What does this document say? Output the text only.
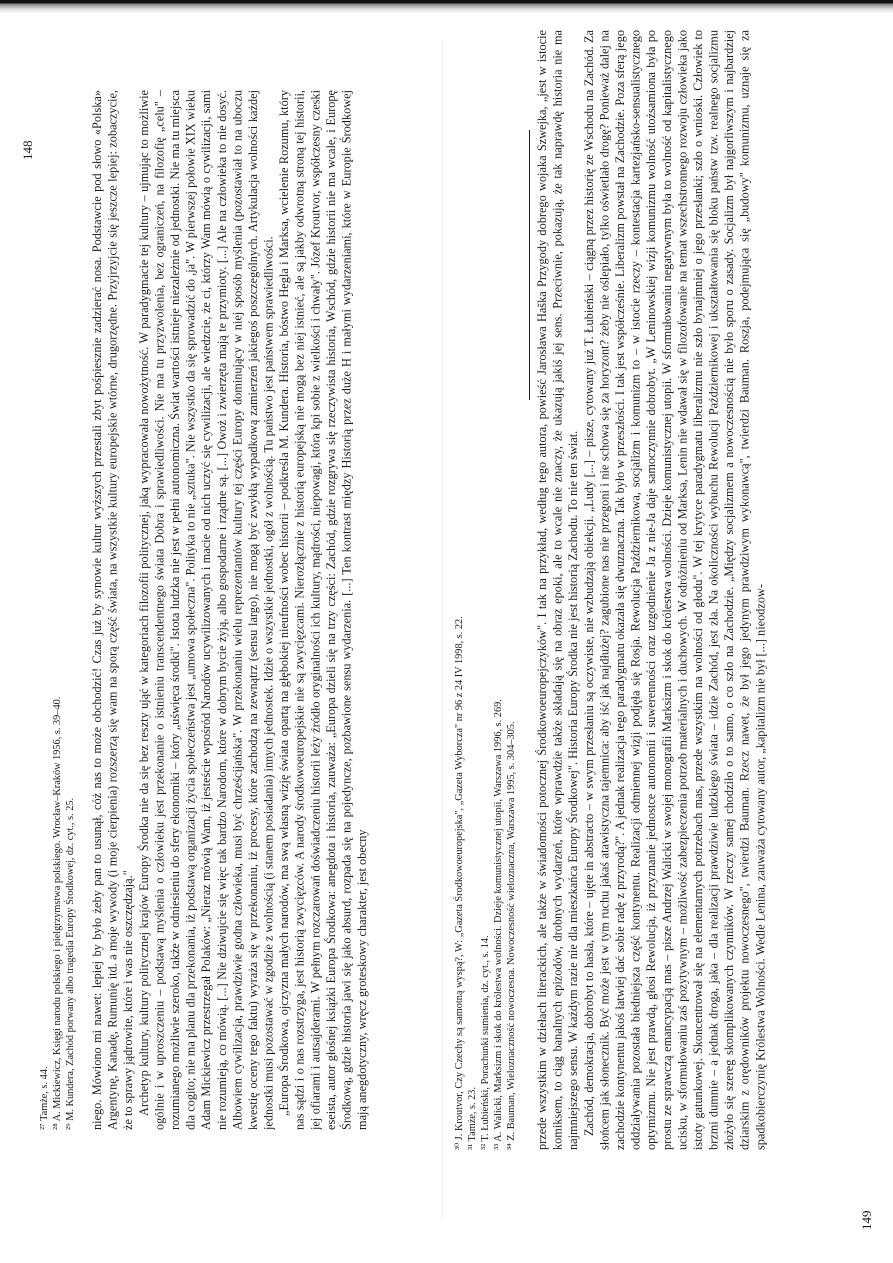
niego. Mówiono mi nawet: lepiej by było żeby pan to usunął, cóż nas to może obchodzić! Czas już by synowie kultur wyższych przestali zbyt pośpiesznie zadzierać nosa. Podstawcie pod słowo «Polska» Argentynę, Kanadę, Rumunię itd. a moje wywody (i moje cierpienia) rozszerzą się wam na sporą część świata, na wszystkie kultury europejskie wtórne, drugorzędne. Przyjrzyjcie się jeszcze lepiej: zobaczycie, że to sprawy jądrowite, które i was nie oszczędzają." Archetyp kultury, kultury politycznej krajów Europy Środka nie da się bez reszty ująć w kategoriach filozofii politycznej, jaką wypracowała nowożytność. W paradygmacie tej kultury – ujmując to możliwie ogólnie i w uproszczeniu – podstawą myślenia o człowieku jest przekonanie o istnieniu transcendentnego świata Dobra i sprawiedliwości. Nie ma tu przyzwolenia, bez ograniczeń, na filozofię „celu" – rozumianego możliwie szeroko, także w odniesieniu do sfery ekonomiki – który „uświęca środki". Istota ludzka nie jest w pełni autonomiczna. Świat wartości istnieje niezależnie od jednostki. Nie ma tu miejsca dla cogito; nie ma planu dla przekonania, iż podstawą organizacji życia społeczeństwa jest „umowa społeczna". Polityka to nie „sztuka". Nie wszystko da się sprowadzić do ,ja". W pierwszej połowie XIX wieku Adam Mickiewicz przestrzegał Polaków: „Nieraz mówią Wam, iż jesteście wpośród Narodów ucywilizowanych i macie od nich uczyć się cywilizacji, ale wiedzcie, że ci, którzy Wam mówią o cywilizacji, sami nie rozumieją, co mówią. [...] Nie dziwujcie się więc tak bardzo Narodom, które w dobrym bycie żyją, albo gospodarne i rządne są. [...] Owoż i zwierzęta mają te przymioty. [...] Ale na człowieka to nie dosyć. Albowiem cywilizacja, prawdziwie godna człowieka, musi być chrześcijańska". W przekonaniu wielu reprezentantów kultury tej części Europy dominujący w niej sposób myślenia (pozostawiał to na uboczu kwestię oceny tego faktu) wyraża się w przekonaniu, iż procesy, które zachodzą na zewnątrz (sensu largo), nie mogą być zwykłą wypadkową zamierzeń jakiegoś poszczególnych. Artykulacja wolności każdej jednostki musi pozostawać w zgodzie z wolnością (i stanem posiadania) innych jednostek. Idzie o wszystkie jednostki, ogół z wolnością. Tu państwo jest państwem sprawiedliwości. „Europa Środkowa, ojczyzna małych narodów, ma swą własną wizję świata opartą na głębokiej nieufności wobec historii – podkreśla M. Kundera. Historia, bóstwo Hegla i Marksa, wcielenie Rozumu, który nas sądzi i o nas rozstrzyga, jest historią zwycięzców. A narody środkowoeuropejskie nie są zwycięzcami. Nierozłącznie z historią europejską nie mogą bez niej istnieć, ale są jakby odwrotną stroną tej historii, jej ofiarami i autsajderami. W pełnym rozczarowań doświadczeniu historii leży źródło oryginalności ich kultury, mądrości, niepowagi, która kpi sobie z wielkości i chwały". Józef Kroutvor, współczesny czeski eseista, autor głośnej książki Europa Środkowa: anegdota i historia, zauważa: „Europa dzieli się na trzy części: Zachód, gdzie rozgrywa się rzeczywista historia, Wschód, gdzie historii nie ma wcale, i Europę Środkową, gdzie historia jawi się jako absurd, rozpada się na pojedyncze, pozbawione sensu wydarzenia. [...] Ten kontrast między Historią przez duże H i małymi wydarzeniami, które w Europie Środkowej mają anegdotyczny, wręcz groteskowy charakter, jest obecny

²⁷ Tamże, s. 44. ²⁸ A. Mickiewicz, Księgi narodu polskiego i pielgrzymstwa polskiego. Wrocław–Kraków 1956, s. 39–40. ²⁹ M. Kundera, Zachód porwany albo tragedia Europy Środkowej, dz. cyt., s. 25.

148	przede wszystkim w dziełach literackich, ale także w świadomości potocznej Środkowoeuropejczyków". I tak na przykład, według tego autora, powieść Jarosława Haška Przygody dobrego wojaka Szwejka, „jest w istocie komiksem, to ciąg banalnych epizodów, drobnych wydarzeń, które wprawdzie także składają się na obraz epoki, ale to wcale nie znaczy, że ukazują jakiś jej sens. Przeciwnie, pokazują, że tak naprawdę historia nie ma najmniejszego sensu. W każdym razie nie dla mieszkańca Europy Środkowej". Historia Europy Środka nie jest historią Zachodu. To nie ten świat. Zachód, demokracja, dobrobyt to hasła, które – ujęte in abstracto – w swym przesłaniu są oczywiste, nie wzbudzają obiekcji. „Ludy [...] – pisze, cytowany już T. Łubieński – ciągną przez historię ze Wschodu na Zachód. Za słońcem jak słonecznik. Być może jest w tym ruchu jakaś atawistyczna tajemnica: aby iść jak najdłużej? zagubione nas nie przegoni i nie schowa się za horyzont? żeby nie oślepiało, tylko oświetlało drogę? Ponieważ dalej na zachodzie kontynentu jakoś łatwiej dać sobie radę z przyrodą?". A jednak realizacja tego paradygmatu okazała się dwuznaczna. Tak było w przeszłości. I tak jest współcześnie. Liberalizm powstał na Zachodzie. Poza sferą jego oddziaływania pozostała biedniejsza część kontynentu. Realizacji odmiennej wizji podjęła się Rosja. Rewolucja Październikowa, socjalizm i komunizm to – w istocie rzeczy – kontestacja kartezjańsko-sensualistycznego optymizmu. Nie jest prawdą, głosi Rewolucja, iż przyznanie jednostce autonomii i suwerenności oraz uzgodnienie Ja z nie-Ja daje samoczynnie dobrobyt. „W Leninowskiej wizji komunizmu wolność utożsamiona była po prostu ze sprawczą emancypacją mas – pisze Andrzej Walicki w swojej monografii Marksizm i skok do królestwa wolności. Dzieje komunistycznej utopii. W sformułowaniu negatywnym była to wolność od kapitalistycznego ucisku, w sformułowaniu zaś pozytywnym – możliwość zabezpieczenia potrzeb materialnych i duchowych. W odróżnieniu od Marksa, Lenin nie wdawał się w filozofowanie na temat wszechstronnego rozwoju człowieka jako istoty gatunkowej. Skoncentrował się na elementarnych potrzebach mas, przede wszystkim na wolności od głodu". W tej krytyce paradygmatu liberalizmu nie szło bynajmniej o jego przesłanki; szło o wnioski. Człowiek to brzmi dumnie – a jednak droga, jaka – dla realizacji prawdziwie ludzkiego świata – idzie Zachód, jest zła. Na okoliczności wybuchu Rewolucji Październikowej i ukształtowania się bloku państw tzw. realnego socjalizmu złożyło się szereg skomplikowanych czynników. W rzeczy samej chodziło o to samo, o co szło na Zachodzie. „Między socjalizmem a nowoczesnością nie było sporu o zasady. Socjalizm był najgorliwszym i najbardziej dziarskim z orędowników projektu nowoczesnego", twierdzi Bauman. Rzecz nawet, że był jego jedynym prawdziwym wykonawcą", twierdzi Bauman. Roszja, podejmująca się „budowy" komunizmu, uznaje się za spadkobierczynię Królestwa Wolności. Wedle Lenina, zauważa cytowany autor, „kapitalizm nie był [...] nieodzow-

³⁰ J. Kroutvor, Czy Czechy są samotną wyspą?, W: „Gazeta Środkowoeuropejska", „Gazeta Wyborcza" nr 96 z 24 IV 1998, s. 22. ³¹ Tamże, s. 23. ³² T. Łubieński, Porachunki sumienia, dz. cyt., s. 14. ³³ A. Walicki, Marksizm i skok do królestwa wolności. Dzieje komunistycznej utopii, Warszawa 1996, s. 269. ³⁴ Z. Bauman, Wieloznaczność nowoczesna. Nowoczesność wieloznaczna, Warszawa 1995, s. 304–305.

149
